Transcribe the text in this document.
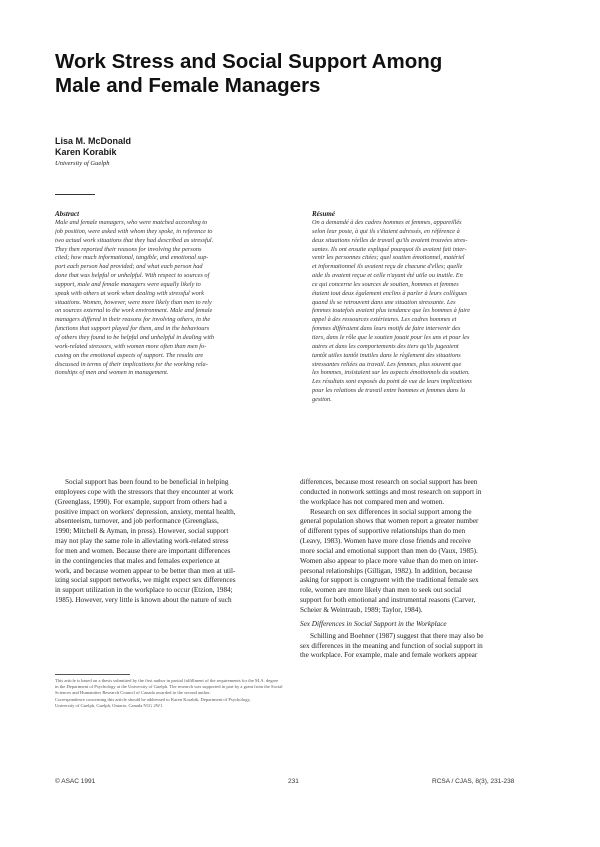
Work Stress and Social Support Among
Male and Female Managers
Lisa M. McDonald
Karen Korabik
University of Guelph
Abstract
Male and female managers, who were matched according to
job position, were asked with whom they spoke, in reference to
two actual work situations that they had described as stressful.
They then reported their reasons for involving the persons
cited; how much informational, tangible, and emotional sup-
port each person had provided; and what each person had
done that was helpful or unhelpful. With respect to sources of
support, male and female managers were equally likely to
speak with others at work when dealing with stressful work
situations. Women, however, were more likely than men to rely
on sources external to the work environment. Male and female
managers differed in their reasons for involving others, in the
functions that support played for them, and in the behaviours
of others they found to be helpful and unhelpful in dealing with
work-related stressors, with women more often than men fo-
cusing on the emotional aspects of support. The results are
discussed in terms of their implications for the working rela-
tionships of men and women in management.
Résumé
On a demandé à des cadres hommes et femmes, appareillés
selon leur poste, à qui ils s'étaient adressés, en référence à
deux situations réelles de travail qu'ils avaient trouvées stres-
santes. Ils ont ensuite expliqué pourquoi ils avaient fait inter-
venir les personnes citées; quel soutien émotionnel, matériel
et informationnel ils avaient reçu de chacune d'elles; quelle
aide ils avaient reçue et celle n'ayant été utile ou inutile. En
ce qui concerne les sources de soutien, hommes et femmes
étaient tout deux également enclins à parler à leurs collègues
quand ils se retrouvent dans une situation stressante. Les
femmes toutefois avaient plus tendance que les hommes à faire
appel à des ressources extérieures. Les cadres hommes et
femmes différaient dans leurs motifs de faire intervenir des
tiers, dans le rôle que le soutien jouait pour les uns et pour les
autres et dans les comportements des tiers qu'ils jugeaient
tantôt utiles tantôt inutiles dans le règlement des situations
stressantes reliées au travail. Les femmes, plus souvent que
les hommes, insistaient sur les aspects émotionnels du soutien.
Les résultats sont exposés du point de vue de leurs implications
pour les relations de travail entre hommes et femmes dans la
gestion.
Social support has been found to be beneficial in helping
employees cope with the stressors that they encounter at work
(Greenglass, 1990). For example, support from others had a
positive impact on workers' depression, anxiety, mental health,
absenteeism, turnover, and job performance (Greenglass,
1990; Mitchell & Ayman, in press). However, social support
may not play the same role in alleviating work-related stress
for men and women. Because there are important differences
in the contingencies that males and females experience at
work, and because women appear to be better than men at util-
izing social support networks, we might expect sex differences
in support utilization in the workplace to occur (Etzion, 1984;
1985). However, very little is known about the nature of such
differences, because most research on social support has been
conducted in nonwork settings and most research on support in
the workplace has not compared men and women.
Research on sex differences in social support among the
general population shows that women report a greater number
of different types of supportive relationships than do men
(Leavy, 1983). Women have more close friends and receive
more social and emotional support than men do (Vaux, 1985).
Women also appear to place more value than do men on inter-
personal relationships (Gilligan, 1982). In addition, because
asking for support is congruent with the traditional female sex
role, women are more likely than men to seek out social
support for both emotional and instrumental reasons (Carver,
Scheier & Weintraub, 1989; Taylor, 1984).
Sex Differences in Social Support in the Workplace
Schilling and Boehner (1987) suggest that there may also be
sex differences in the meaning and function of social support in
the workplace. For example, male and female workers appear
This article is based on a thesis submitted by the first author in partial fulfillment of the requirements for the M.A. degree
in the Department of Psychology at the University of Guelph. The research was supported in part by a grant from the Social
Sciences and Humanities Research Council of Canada awarded to the second author.
Correspondence concerning this article should be addressed to Karen Korabik, Department of Psychology,
University of Guelph, Guelph, Ontario, Canada N1G 2W1.
© ASAC 1991	231	RCSA / CJAS, 8(3), 231-238
